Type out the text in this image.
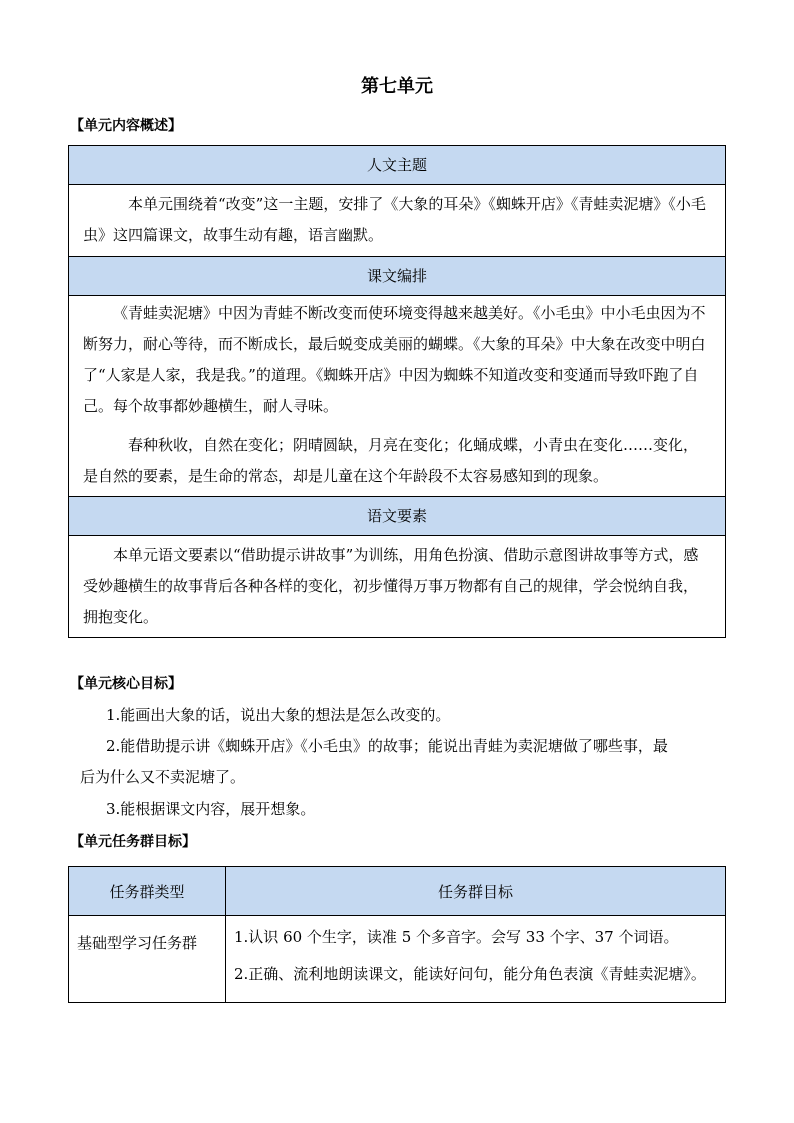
第七单元
【单元内容概述】
人文主题

本单元围绕着“改变”这一主题，安排了《大象的耳朵》《蜘蛛开店》《青蛙卖泥塘》《小毛虫》这四篇课文，故事生动有趣，语言幽默。

课文编排

《青蛙卖泥塘》中因为青蛙不断改变而使环境变得越来越美好。《小毛虫》中小毛虫因为不断努力，耐心等待，而不断成长，最后蜕变成美丽的蝴蝶。《大象的耳朵》中大象在改变中明白了“人家是人家，我是我。”的道理。《蜘蛛开店》中因为蜘蛛不知道改变和变通而导致吓跑了自己。每个故事都妙趣横生，耐人寻味。

春种秋收，自然在变化；阴晴圆缺，月亮在变化；化蛹成蝶，小青虫在变化……变化，是自然的要素，是生命的常态，却是儿童在这个年龄段不太容易感知到的现象。

语文要素

本单元语文要素以“借助提示讲故事”为训练，用角色扮演、借助示意图讲故事等方式，感受妙趣横生的故事背后各种各样的变化，初步懂得万事万物都有自己的规律，学会悦纳自我，拥抱变化。

【单元核心目标】
1.能画出大象的话，说出大象的想法是怎么改变的。
2.能借助提示讲《蜘蛛开店》《小毛虫》的故事；能说出青蛙为卖泥塘做了哪些事，最
后为什么又不卖泥塘了。
3.能根据课文内容，展开想象。
【单元任务群目标】
任务群类型	任务群目标
基础型学习任务群	1.认识 60 个生字，读准 5 个多音字。会写 33 个字、37 个词语。

2.正确、流利地朗读课文，能读好问句，能分角色表演《青蛙卖泥塘》。
